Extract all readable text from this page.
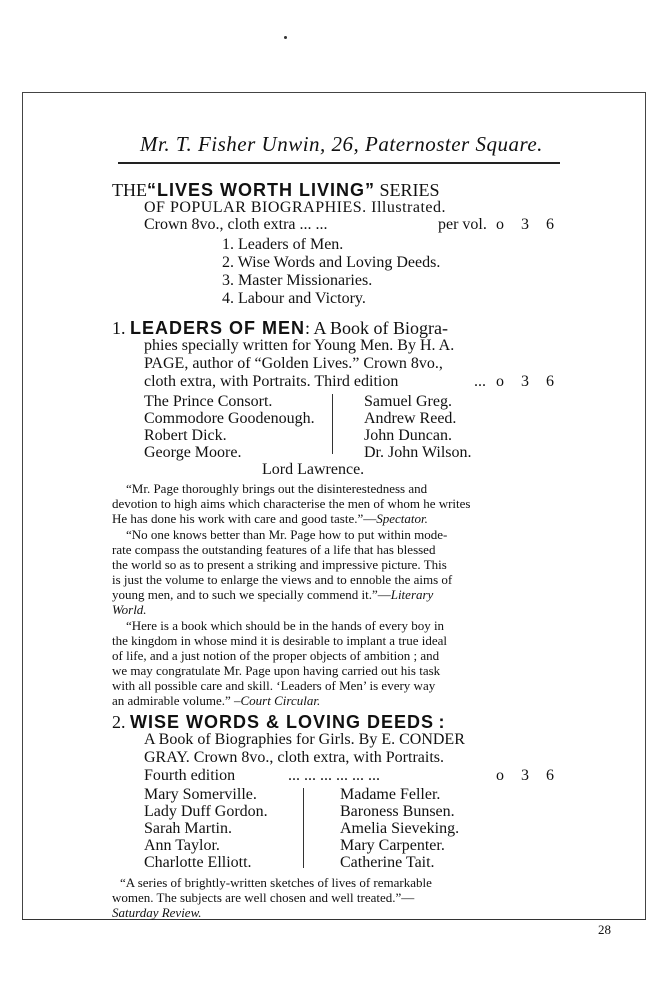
Mr. T. Fisher Unwin, 26, Paternoster Square.
THE“LIVES WORTH LIVING” SERIES
OF POPULAR BIOGRAPHIES. Illustrated.
Crown 8vo., cloth extra ... ...	per vol. o 3 6
1. Leaders of Men.
2. Wise Words and Loving Deeds.
3. Master Missionaries.
4. Labour and Victory.
1. LEADERS OF MEN: A Book of Biogra-
phies specially written for Young Men. By H. A.
PAGE, author of “Golden Lives.” Crown 8vo.,
cloth extra, with Portraits. Third edition	... o 3 6
The Prince Consort.
Commodore Goodenough.
Robert Dick.
George Moore.
Samuel Greg.
Andrew Reed.
John Duncan.
Dr. John Wilson.
Lord Lawrence.
“Mr. Page thoroughly brings out the disinterestedness and
devotion to high aims which characterise the men of whom he writes
He has done his work with care and good taste.”—Spectator.
“No one knows better than Mr. Page how to put within mode-
rate compass the outstanding features of a life that has blessed
the world so as to present a striking and impressive picture. This
is just the volume to enlarge the views and to ennoble the aims of
young men, and to such we specially commend it.”—Literary
World.
“Here is a book which should be in the hands of every boy in
the kingdom in whose mind it is desirable to implant a true ideal
of life, and a just notion of the proper objects of ambition ; and
we may congratulate Mr. Page upon having carried out his task
with all possible care and skill. ‘Leaders of Men’ is every way
an admirable volume.” –Court Circular.
2. WISE WORDS & LOVING DEEDS :
A Book of Biographies for Girls. By E. CONDER
GRAY. Crown 8vo., cloth extra, with Portraits.
Fourth edition	... ... ... ... ... ...	o 3 6
Mary Somerville.
Lady Duff Gordon.
Sarah Martin.
Ann Taylor.
Charlotte Elliott.
Madame Feller.
Baroness Bunsen.
Amelia Sieveking.
Mary Carpenter.
Catherine Tait.
“A series of brightly-written sketches of lives of remarkable
women. The subjects are well chosen and well treated.”—
Saturday Review.
28
